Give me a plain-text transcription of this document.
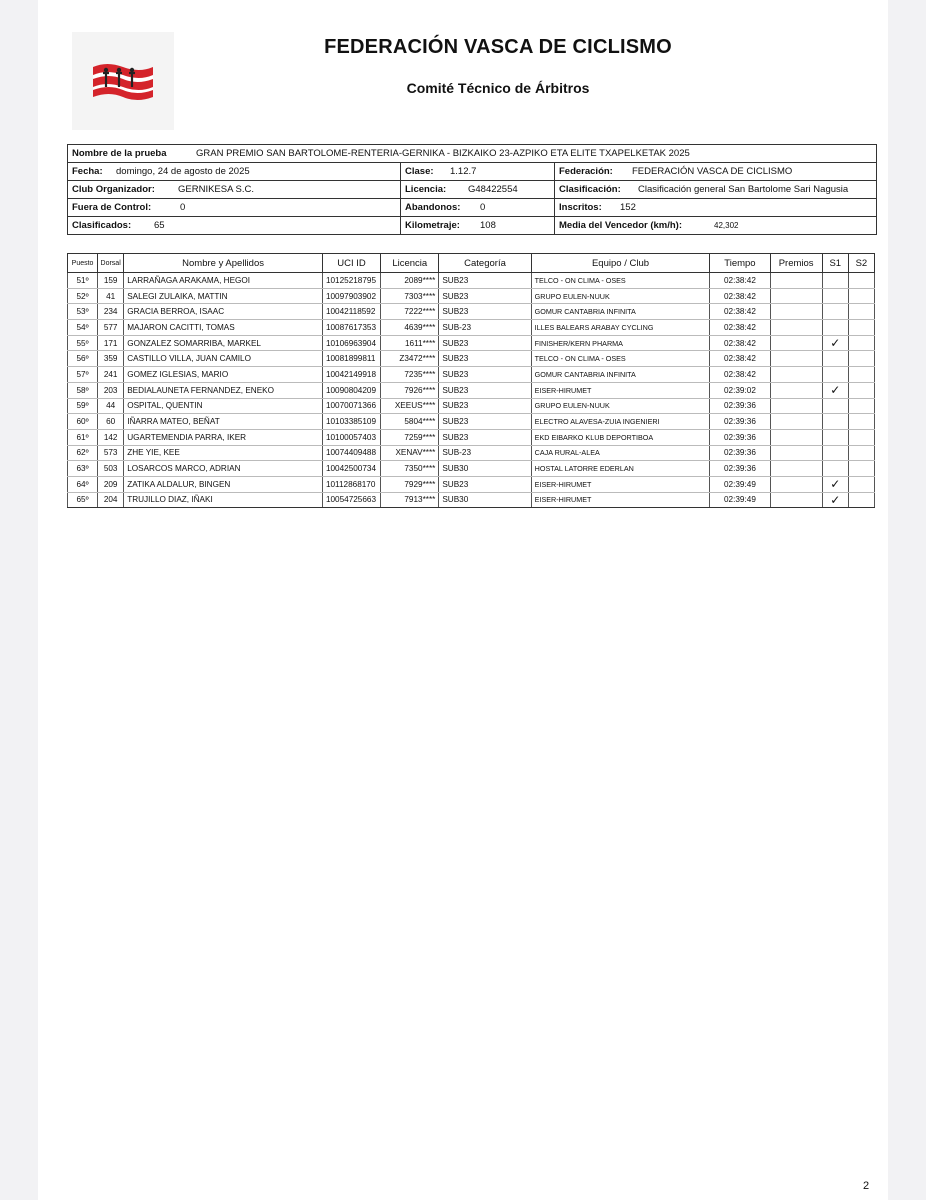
FEDERACIÓN VASCA DE CICLISMO
Comité Técnico de Árbitros
Nombre de la prueba	GRAN PREMIO SAN BARTOLOME-RENTERIA-GERNIKA - BIZKAIKO 23-AZPIKO ETA ELITE TXAPELKETAK 2025
Fecha:	domingo, 24 de agosto de 2025	Clase:	1.12.7	Federación:	FEDERACIÓN VASCA DE CICLISMO
Club Organizador:	GERNIKESA S.C.	Licencia:	G48422554	Clasificación:	Clasificación general San Bartolome Sari Nagusia
Fuera de Control:	0	Abandonos:	0	Inscritos:	152
Clasificados:	65	Kilometraje:	108	Media del Vencedor (km/h):	42,302
Puesto	Dorsal	Nombre y Apellidos	UCI ID	Licencia	Categoría	Equipo / Club	Tiempo	Premios	S1	S2
51º	159	LARRAÑAGA ARAKAMA, HEGOI	10125218795	2089****	SUB23	TELCO - ON CLIMA - OSES	02:38:42			
52º	41	SALEGI ZULAIKA, MATTIN	10097903902	7303****	SUB23	GRUPO EULEN-NUUK	02:38:42			
53º	234	GRACIA BERROA, ISAAC	10042118592	7222****	SUB23	GOMUR CANTABRIA INFINITA	02:38:42			
54º	577	MAJARON CACITTI, TOMAS	10087617353	4639****	SUB-23	ILLES BALEARS ARABAY CYCLING	02:38:42			
55º	171	GONZALEZ SOMARRIBA, MARKEL	10106963904	1611****	SUB23	FINISHER/KERN PHARMA	02:38:42		✓	
56º	359	CASTILLO VILLA, JUAN CAMILO	10081899811	Z3472****	SUB23	TELCO - ON CLIMA - OSES	02:38:42			
57º	241	GOMEZ IGLESIAS, MARIO	10042149918	7235****	SUB23	GOMUR CANTABRIA INFINITA	02:38:42			
58º	203	BEDIALAUNETA FERNANDEZ, ENEKO	10090804209	7926****	SUB23	EISER-HIRUMET	02:39:02		✓	
59º	44	OSPITAL, QUENTIN	10070071366	XEEUS****	SUB23	GRUPO EULEN-NUUK	02:39:36			
60º	60	IÑARRA MATEO, BEÑAT	10103385109	5804****	SUB23	ELECTRO ALAVESA-ZUIA INGENIERI	02:39:36			
61º	142	UGARTEMENDIA PARRA, IKER	10100057403	7259****	SUB23	EKD EIBARKO KLUB DEPORTIBOA	02:39:36			
62º	573	ZHE YIE, KEE	10074409488	XENAV****	SUB-23	CAJA RURAL-ALEA	02:39:36			
63º	503	LOSARCOS MARCO, ADRIAN	10042500734	7350****	SUB30	HOSTAL LATORRE EDERLAN	02:39:36			
64º	209	ZATIKA ALDALUR, BINGEN	10112868170	7929****	SUB23	EISER-HIRUMET	02:39:49		✓	
65º	204	TRUJILLO DIAZ, IÑAKI	10054725663	7913****	SUB30	EISER-HIRUMET	02:39:49		✓	
2
